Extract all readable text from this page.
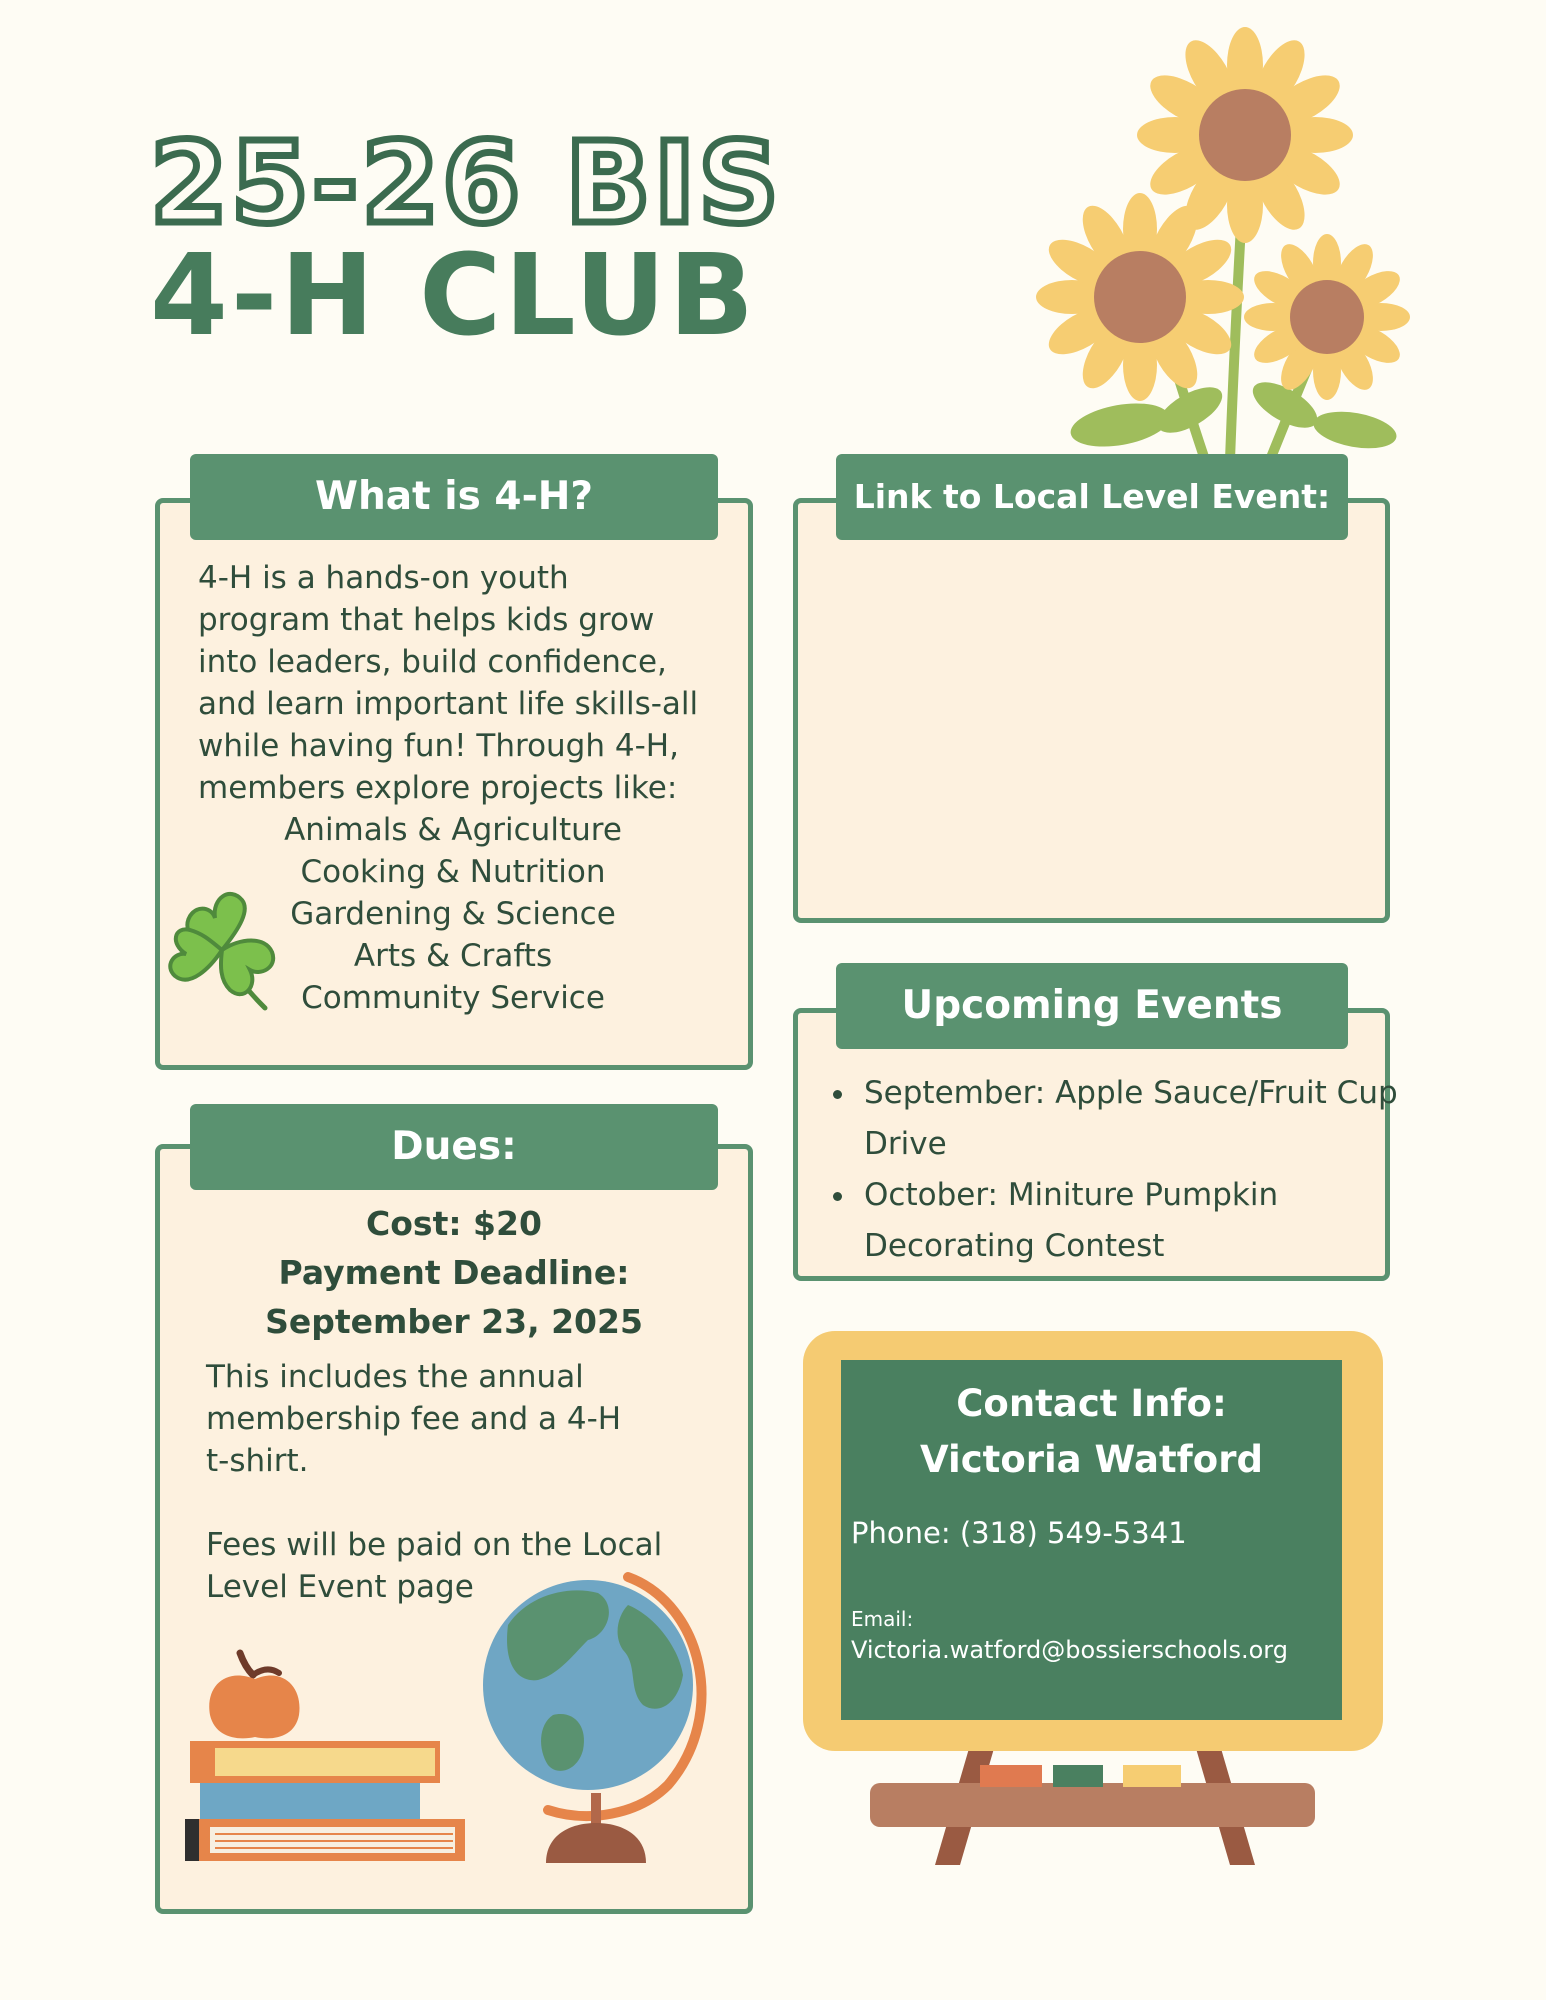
25-26 BIS
4-H CLUB
4-H is a hands-on youth
program that helps kids grow
into leaders, build confidence,
and learn important life skills-all
while having fun! Through 4-H,
members explore projects like:
Animals & Agriculture
Cooking & Nutrition
Gardening & Science
Arts & Crafts
Community Service
What is 4-H?	Link to Local Level Event:
• September: Apple Sauce/Fruit Cup Drive
• October: Miniture Pumpkin Decorating Contest
Upcoming Events
Cost: $20
Payment Deadline:
September 23, 2025
This includes the annual
membership fee and a 4-H
t-shirt.
Fees will be paid on the Local
Level Event page
Dues:
Contact Info:
Victoria Watford
Phone: (318) 549-5341
Email:
Victoria.watford@bossierschools.org
